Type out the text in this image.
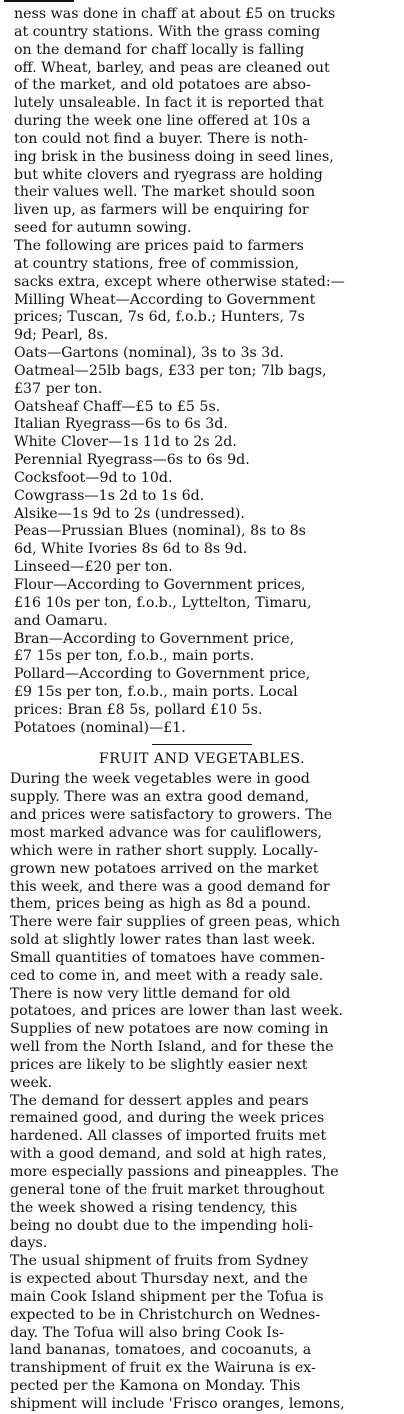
ness was done in chaff at about £5 on trucks
at country stations. With the grass coming
on the demand for chaff locally is falling
off. Wheat, barley, and peas are cleaned out
of the market, and old potatoes are abso-
lutely unsaleable. In fact it is reported that
during the week one line offered at 10s a
ton could not find a buyer. There is noth-
ing brisk in the business doing in seed lines,
but white clovers and ryegrass are holding
their values well. The market should soon
liven up, as farmers will be enquiring for
seed for autumn sowing.
The following are prices paid to farmers
at country stations, free of commission,
sacks extra, except where otherwise stated:—
Milling Wheat—According to Government
prices; Tuscan, 7s 6d, f.o.b.; Hunters, 7s
9d; Pearl, 8s.
Oats—Gartons (nominal), 3s to 3s 3d.
Oatmeal—25lb bags, £33 per ton; 7lb bags,
£37 per ton.
Oatsheaf Chaff—£5 to £5 5s.
Italian Ryegrass—6s to 6s 3d.
White Clover—1s 11d to 2s 2d.
Perennial Ryegrass—6s to 6s 9d.
Cocksfoot—9d to 10d.
Cowgrass—1s 2d to 1s 6d.
Alsike—1s 9d to 2s (undressed).
Peas—Prussian Blues (nominal), 8s to 8s
6d, White Ivories 8s 6d to 8s 9d.
Linseed—£20 per ton.
Flour—According to Government prices,
£16 10s per ton, f.o.b., Lyttelton, Timaru,
and Oamaru.
Bran—According to Government price,
£7 15s per ton, f.o.b., main ports.
Pollard—According to Government price,
£9 15s per ton, f.o.b., main ports. Local
prices: Bran £8 5s, pollard £10 5s.
Potatoes (nominal)—£1.
FRUIT AND VEGETABLES.
During the week vegetables were in good
supply. There was an extra good demand,
and prices were satisfactory to growers. The
most marked advance was for cauliflowers,
which were in rather short supply. Locally-
grown new potatoes arrived on the market
this week, and there was a good demand for
them, prices being as high as 8d a pound.
There were fair supplies of green peas, which
sold at slightly lower rates than last week.
Small quantities of tomatoes have commen-
ced to come in, and meet with a ready sale.
There is now very little demand for old
potatoes, and prices are lower than last week.
Supplies of new potatoes are now coming in
well from the North Island, and for these the
prices are likely to be slightly easier next
week.
The demand for dessert apples and pears
remained good, and during the week prices
hardened. All classes of imported fruits met
with a good demand, and sold at high rates,
more especially passions and pineapples. The
general tone of the fruit market throughout
the week showed a rising tendency, this
being no doubt due to the impending holi-
days.
The usual shipment of fruits from Sydney
is expected about Thursday next, and the
main Cook Island shipment per the Tofua is
expected to be in Christchurch on Wednes-
day. The Tofua will also bring Cook Is-
land bananas, tomatoes, and cocoanuts, a
transhipment of fruit ex the Wairuna is ex-
pected per the Kamona on Monday. This
shipment will include 'Frisco oranges, lemons,
